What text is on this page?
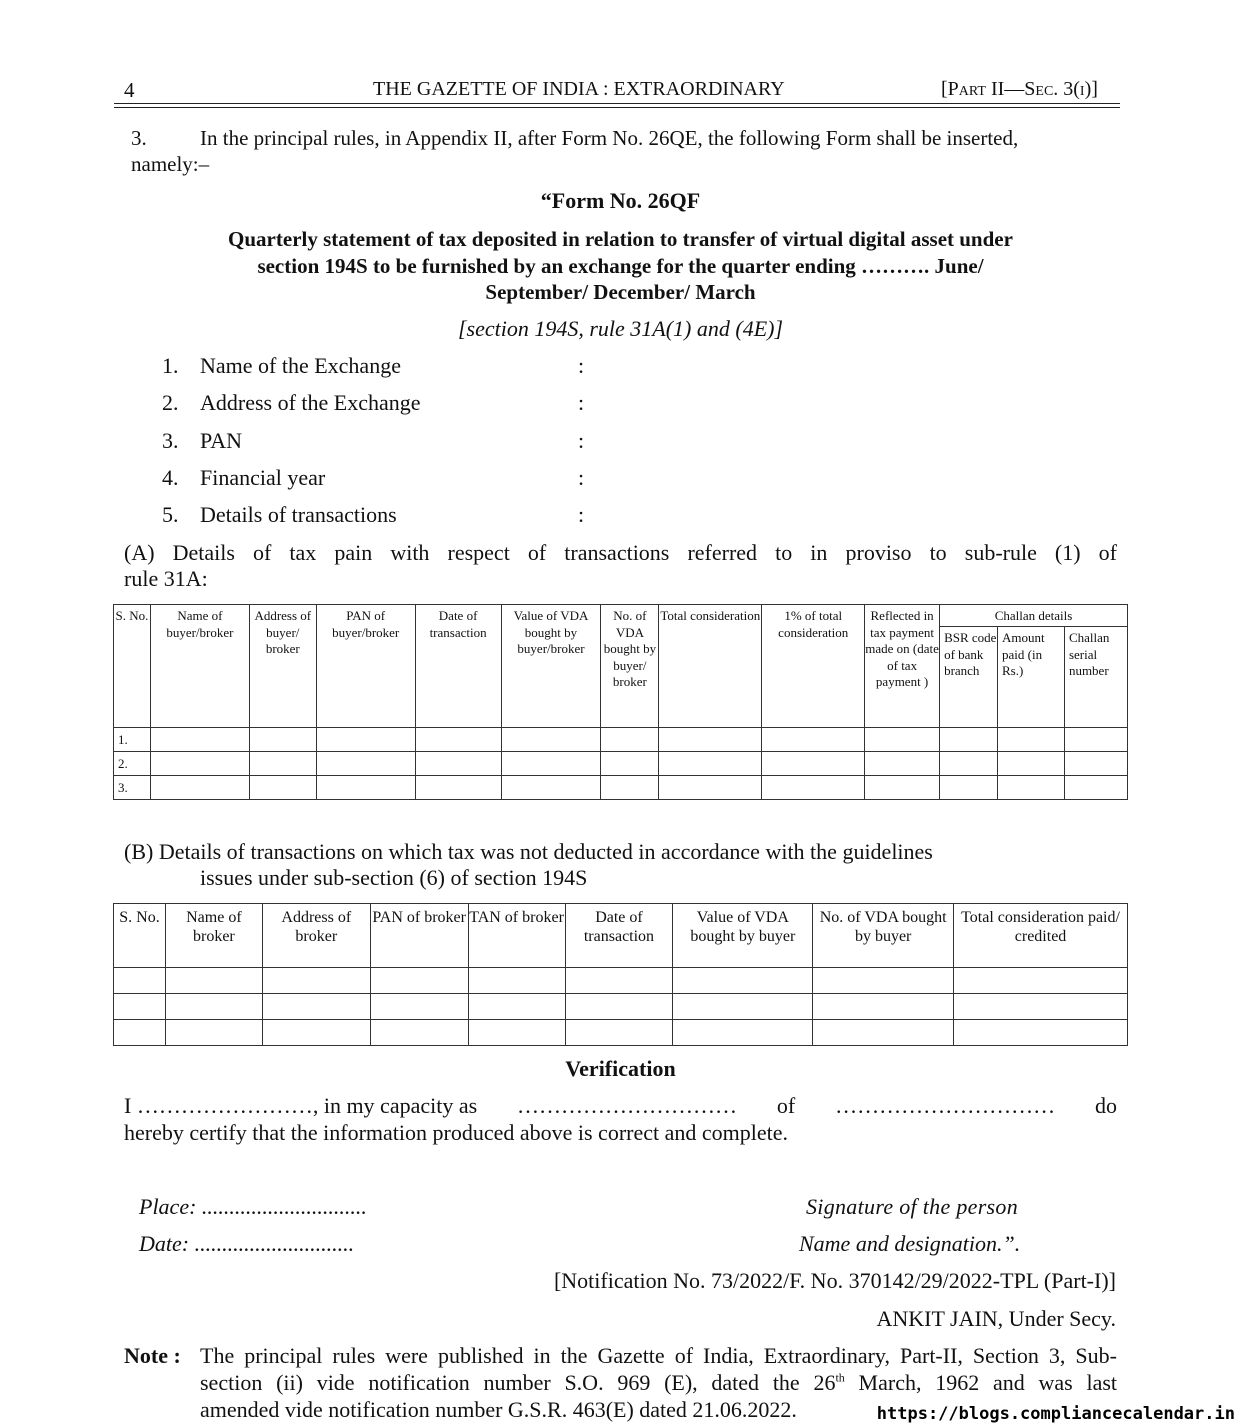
4	THE GAZETTE OF INDIA : EXTRAORDINARY	[Part II—Sec. 3(i)]
3.	In the principal rules, in Appendix II, after Form No. 26QE, the following Form shall be inserted,
namely:–
“Form No. 26QF
Quarterly statement of tax deposited in relation to transfer of virtual digital asset under
section 194S to be furnished by an exchange for the quarter ending ………. June/
September/ December/ March
[section 194S, rule 31A(1) and (4E)]
1. Name of the Exchange	:
2. Address of the Exchange	:
3. PAN	:
4. Financial year	:
5. Details of transactions	:
(A) Details of tax pain with respect of transactions referred to in proviso to sub-rule (1) of
rule 31A:
S. No.	Name of buyer/broker	Address of buyer/ broker	PAN of buyer/broker	Date of transaction	Value of VDA bought by buyer/broker	No. of VDA bought by buyer/ broker	Total consideration	1% of total consideration	Reflected in tax payment made on (date of tax payment )	Challan details		
										BSR code of bank branch	Amount paid (in Rs.)	Challan serial number
1.												
2.												
3.												
(B) Details of transactions on which tax was not deducted in accordance with the guidelines
issues under sub-section (6) of section 194S
S. No.	Name of broker	Address of broker	PAN of broker	TAN of broker	Date of transaction	Value of VDA bought by buyer	No. of VDA bought by buyer	Total consideration paid/ credited

Verification
I ……………………, in my capacity as ………………………… of ………………………… do
hereby certify that the information produced above is correct and complete.
Place: ..............................
Date: .............................
Signature of the person
Name and designation.”.
[Notification No. 73/2022/F. No. 370142/29/2022-TPL (Part-I)]
ANKIT JAIN, Under Secy.
Note : The principal rules were published in the Gazette of India, Extraordinary, Part-II, Section 3, Sub-
section (ii) vide notification number S.O. 969 (E), dated the 26th March, 1962 and was last
amended vide notification number G.S.R. 463(E) dated 21.06.2022.	https://blogs.compliancecalendar.in
